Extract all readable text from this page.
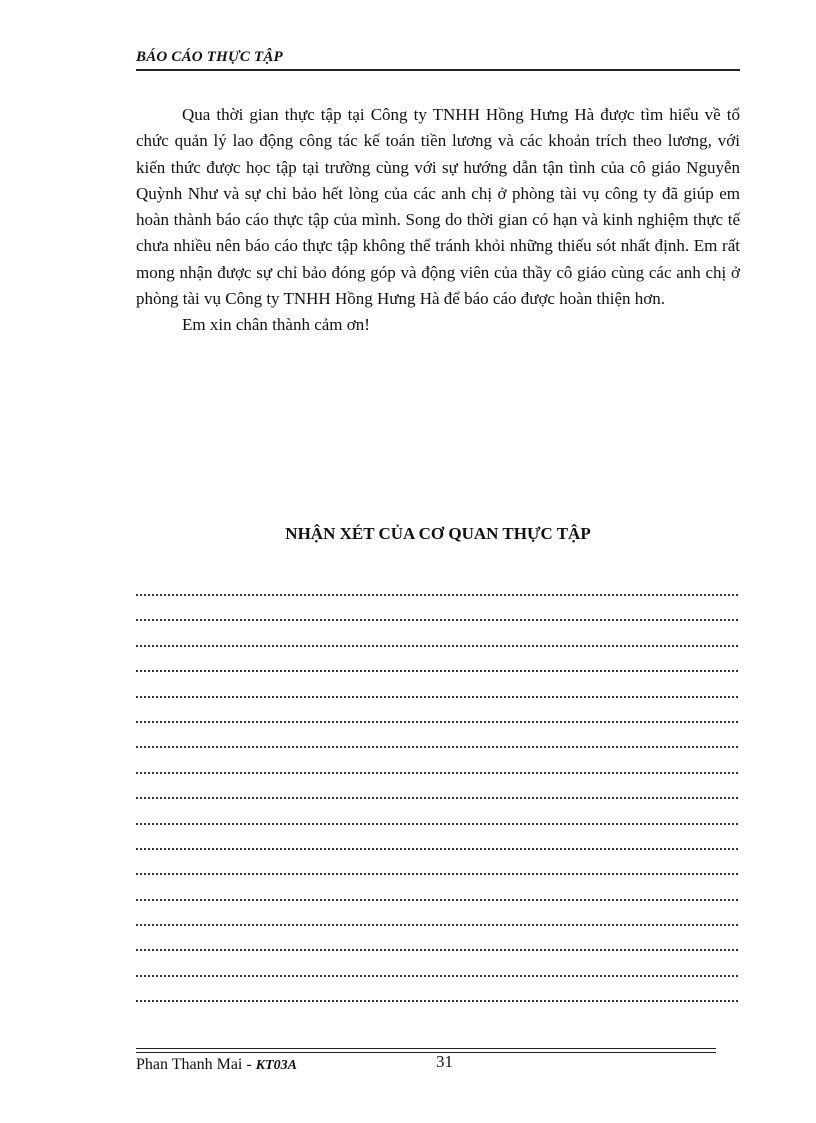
BÁO CÁO THỰC TẬP

Qua thời gian thực tập tại Công ty TNHH Hồng Hưng Hà được tìm hiểu về tổ chức quản lý lao động công tác kế toán tiền lương và các khoản trích theo lương, với kiến thức được học tập tại trường cùng với sự hướng dẫn tận tình của cô giáo Nguyễn Quỳnh Như và sự chỉ bảo hết lòng của các anh chị ở phòng tài vụ công ty đã giúp em hoàn thành báo cáo thực tập của mình. Song do thời gian có hạn và kinh nghiệm thực tế chưa nhiều nên báo cáo thực tập không thể tránh khỏi những thiếu sót nhất định. Em rất mong nhận được sự chỉ bảo đóng góp và động viên của thầy cô giáo cùng các anh chị ở phòng tài vụ Công ty TNHH Hồng Hưng Hà để báo cáo được hoàn thiện hơn.

Em xin chân thành cảm ơn!

NHẬN XÉT CỦA CƠ QUAN THỰC TẬP
Phan Thanh Mai - KT03A	31
